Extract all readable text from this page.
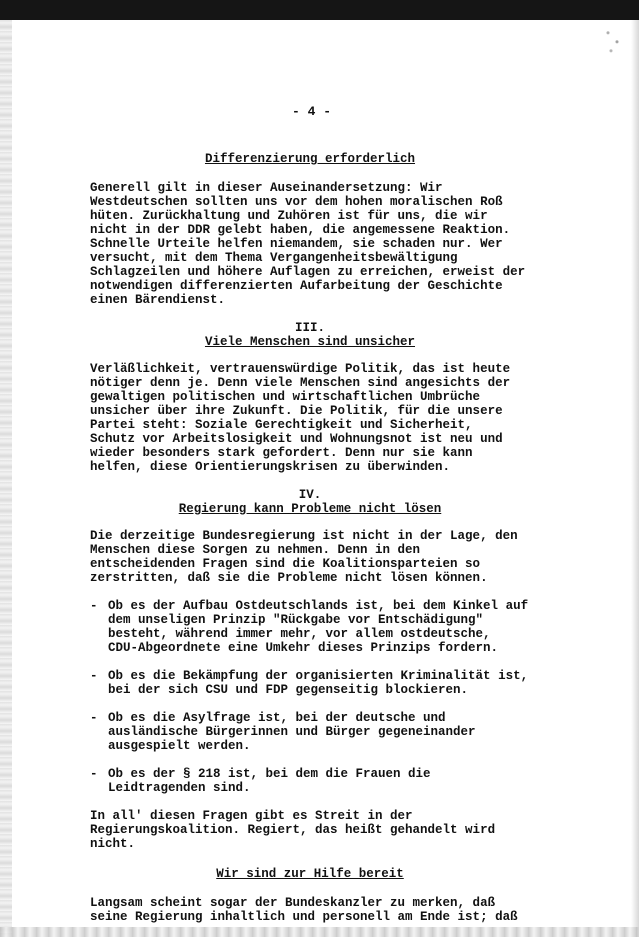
- 4 -
Differenzierung erforderlich

Generell gilt in dieser Auseinandersetzung: Wir
Westdeutschen sollten uns vor dem hohen moralischen Roß
hüten. Zurückhaltung und Zuhören ist für uns, die wir
nicht in der DDR gelebt haben, die angemessene Reaktion.
Schnelle Urteile helfen niemandem, sie schaden nur. Wer
versucht, mit dem Thema Vergangenheitsbewältigung
Schlagzeilen und höhere Auflagen zu erreichen, erweist der
notwendigen differenzierten Aufarbeitung der Geschichte
einen Bärendienst.

III.
Viele Menschen sind unsicher

Verläßlichkeit, vertrauenswürdige Politik, das ist heute
nötiger denn je. Denn viele Menschen sind angesichts der
gewaltigen politischen und wirtschaftlichen Umbrüche
unsicher über ihre Zukunft. Die Politik, für die unsere
Partei steht: Soziale Gerechtigkeit und Sicherheit,
Schutz vor Arbeitslosigkeit und Wohnungsnot ist neu und
wieder besonders stark gefordert. Denn nur sie kann
helfen, diese Orientierungskrisen zu überwinden.

IV.
Regierung kann Probleme nicht lösen

Die derzeitige Bundesregierung ist nicht in der Lage, den
Menschen diese Sorgen zu nehmen. Denn in den
entscheidenden Fragen sind die Koalitionsparteien so
zerstritten, daß sie die Probleme nicht lösen können.

- Ob es der Aufbau Ostdeutschlands ist, bei dem Kinkel auf
dem unseligen Prinzip "Rückgabe vor Entschädigung"
besteht, während immer mehr, vor allem ostdeutsche,
CDU-Abgeordnete eine Umkehr dieses Prinzips fordern.
- Ob es die Bekämpfung der organisierten Kriminalität ist,
bei der sich CSU und FDP gegenseitig blockieren.
- Ob es die Asylfrage ist, bei der deutsche und
ausländische Bürgerinnen und Bürger gegeneinander
ausgespielt werden.
- Ob es der § 218 ist, bei dem die Frauen die
Leidtragenden sind.

In all' diesen Fragen gibt es Streit in der
Regierungskoalition. Regiert, das heißt gehandelt wird
nicht.

Wir sind zur Hilfe bereit

Langsam scheint sogar der Bundeskanzler zu merken, daß
seine Regierung inhaltlich und personell am Ende ist; daß
